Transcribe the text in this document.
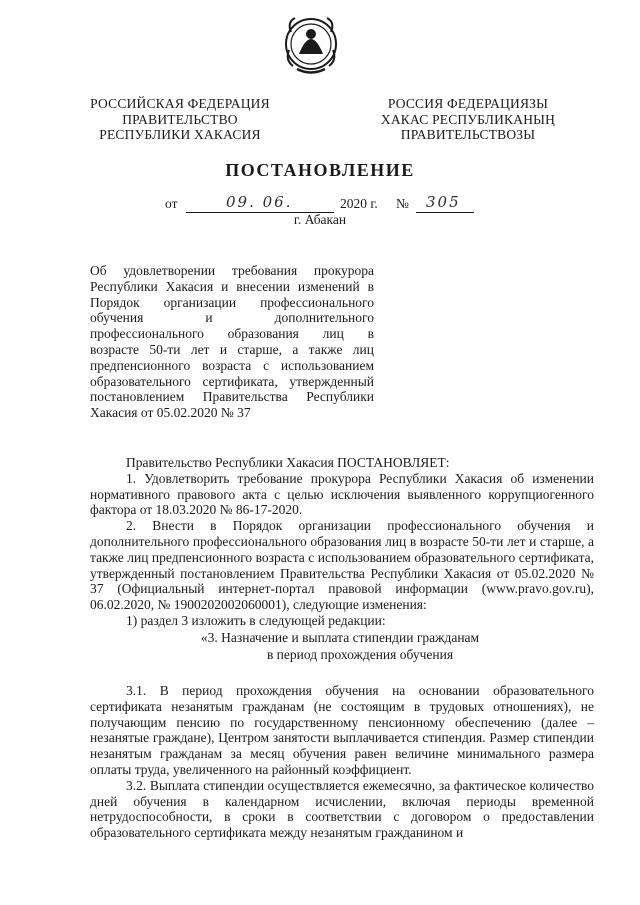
РОССИЙСКАЯ ФЕДЕРАЦИЯ
ПРАВИТЕЛЬСТВО
РЕСПУБЛИКИ ХАКАСИЯ
РОССИЯ ФЕДЕРАЦИЯЗЫ
ХАКАС РЕСПУБЛИКАНЫҢ
ПРАВИТЕЛЬСТВОЗЫ
ПОСТАНОВЛЕНИЕ
от	09. 06.	2020 г. № 305
г. Абакан
Об удовлетворении требования прокурора
Республики Хакасия и внесении изменений в
Порядок организации профессионального
обучения и дополнительного
профессионального образования лиц в
возрасте 50-ти лет и старше, а также лиц
предпенсионного возраста с использованием
образовательного сертификата, утвержденный
постановлением Правительства Республики
Хакасия от 05.02.2020 № 37

Правительство Республики Хакасия ПОСТАНОВЛЯЕТ:

1. Удовлетворить требование прокурора Республики Хакасия об изменении нормативного правового акта с целью исключения выявленного коррупциогенного фактора от 18.03.2020 № 86-17-2020.

2. Внести в Порядок организации профессионального обучения и дополнительного профессионального образования лиц в возрасте 50-ти лет и старше, а также лиц предпенсионного возраста с использованием образовательного сертификата, утвержденный постановлением Правительства Республики Хакасия от 05.02.2020 № 37 (Официальный интернет-портал правовой информации (www.pravo.gov.ru), 06.02.2020, № 1900202002060001), следующие изменения:

1) раздел 3 изложить в следующей редакции:

«3. Назначение и выплата стипендии гражданам
в период прохождения обучения

3.1. В период прохождения обучения на основании образовательного сертификата незанятым гражданам (не состоящим в трудовых отношениях), не получающим пенсию по государственному пенсионному обеспечению (далее – незанятые граждане), Центром занятости выплачивается стипендия. Размер стипендии незанятым гражданам за месяц обучения равен величине минимального размера оплаты труда, увеличенного на районный коэффициент.

3.2. Выплата стипендии осуществляется ежемесячно, за фактическое количество дней обучения в календарном исчислении, включая периоды временной нетрудоспособности, в сроки в соответствии с договором о предоставлении образовательного сертификата между незанятым гражданином и
